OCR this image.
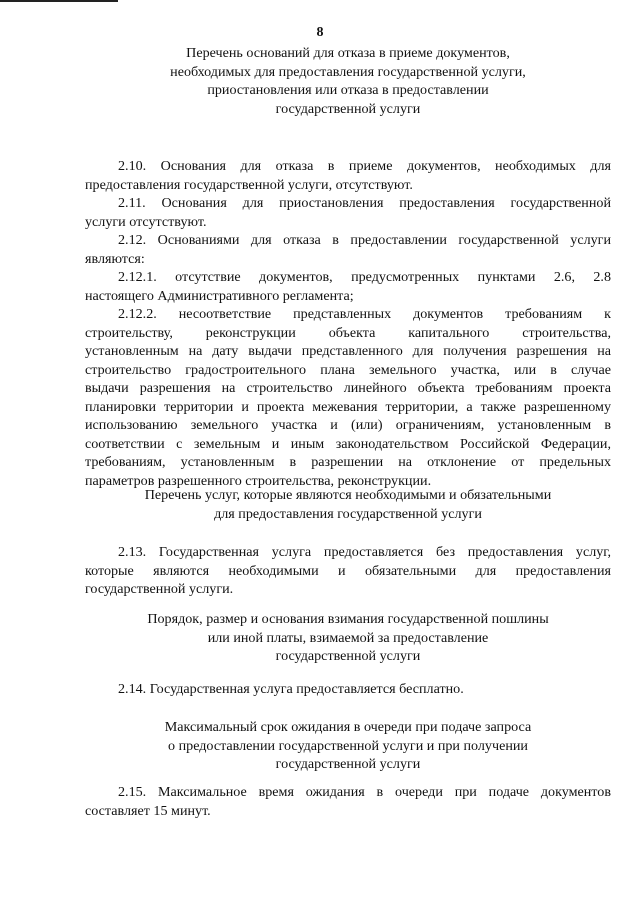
8
Перечень оснований для отказа в приеме документов,
необходимых для предоставления государственной услуги,
приостановления или отказа в предоставлении
государственной услуги
2.10. Основания для отказа в приеме документов, необходимых для
предоставления государственной услуги, отсутствуют.
2.11. Основания для приостановления предоставления государственной
услуги отсутствуют.
2.12. Основаниями для отказа в предоставлении государственной услуги
являются:
2.12.1. отсутствие документов, предусмотренных пунктами 2.6, 2.8
настоящего Административного регламента;
2.12.2. несоответствие представленных документов требованиям к
строительству, реконструкции объекта капитального строительства,
установленным на дату выдачи представленного для получения разрешения на
строительство градостроительного плана земельного участка, или в случае
выдачи разрешения на строительство линейного объекта требованиям проекта
планировки территории и проекта межевания территории, а также разрешенному
использованию земельного участка и (или) ограничениям, установленным в
соответствии с земельным и иным законодательством Российской Федерации,
требованиям, установленным в разрешении на отклонение от предельных
параметров разрешенного строительства, реконструкции.
Перечень услуг, которые являются необходимыми и обязательными
для предоставления государственной услуги
2.13. Государственная услуга предоставляется без предоставления услуг,
которые являются необходимыми и обязательными для предоставления
государственной услуги.
Порядок, размер и основания взимания государственной пошлины
или иной платы, взимаемой за предоставление
государственной услуги
2.14. Государственная услуга предоставляется бесплатно.
Максимальный срок ожидания в очереди при подаче запроса
о предоставлении государственной услуги и при получении
государственной услуги
2.15. Максимальное время ожидания в очереди при подаче документов
составляет 15 минут.
